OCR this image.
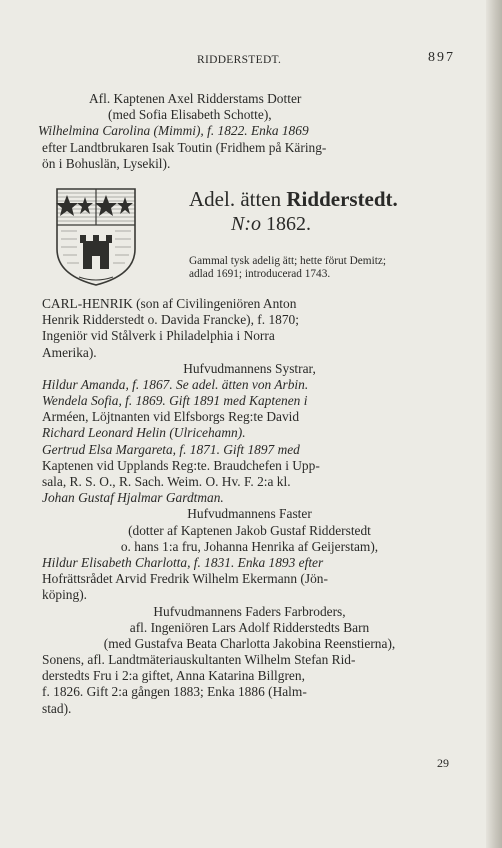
RIDDERSTEDT.	897
Afl. Kaptenen Axel Ridderstams Dotter
(med Sofia Elisabeth Schotte),
Wilhelmina Carolina (Mimmi), f. 1822. Enka 1869
efter Landtbrukaren Isak Toutin (Fridhem på Käring-
ön i Bohuslän, Lysekil).
Adel. ätten Ridderstedt.
N:o 1862.
Gammal tysk adelig ätt; hette förut Demitz;
adlad 1691; introducerad 1743.
CARL-HENRIK (son af Civilingeniören Anton
Henrik Ridderstedt o. Davida Francke), f. 1870;
Ingeniör vid Stålverk i Philadelphia i Norra
Amerika).
Hufvudmannens Systrar,
Hildur Amanda, f. 1867. Se adel. ätten von Arbin.
Wendela Sofia, f. 1869. Gift 1891 med Kaptenen i
Arméen, Löjtnanten vid Elfsborgs Reg:te David
Richard Leonard Helin (Ulricehamn).
Gertrud Elsa Margareta, f. 1871. Gift 1897 med
Kaptenen vid Upplands Reg:te. Braudchefen i Upp-
sala, R. S. O., R. Sach. Weim. O. Hv. F. 2:a kl.
Johan Gustaf Hjalmar Gardtman.
Hufvudmannens Faster
(dotter af Kaptenen Jakob Gustaf Ridderstedt
o. hans 1:a fru, Johanna Henrika af Geijerstam),
Hildur Elisabeth Charlotta, f. 1831. Enka 1893 efter
Hofrättsrådet Arvid Fredrik Wilhelm Ekermann (Jön-
köping).
Hufvudmannens Faders Farbroders,
afl. Ingeniören Lars Adolf Ridderstedts Barn
(med Gustafva Beata Charlotta Jakobina Reenstierna),
Sonens, afl. Landtmäteriauskultanten Wilhelm Stefan Rid-
derstedts Fru i 2:a giftet, Anna Katarina Billgren,
f. 1826. Gift 2:a gången 1883; Enka 1886 (Halm-
stad).
29
